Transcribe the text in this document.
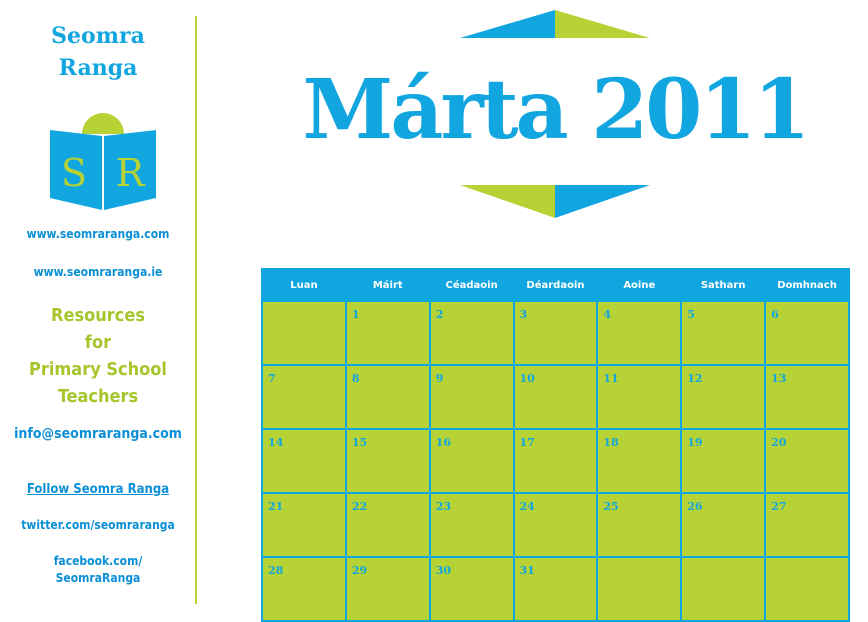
Seomra
Ranga
S R
www.seomraranga.com
www.seomraranga.ie
Resources
for
Primary School
Teachers
info@seomraranga.com
Follow Seomra Ranga
twitter.com/seomraranga
facebook.com/
SeomraRanga
Márta 2011
Luan	Máirt	Céadaoin	Déardaoin	Aoine	Satharn	Domhnach
	1	2	3	4	5	6
7	8	9	10	11	12	13
14	15	16	17	18	19	20
21	22	23	24	25	26	27
28	29	30	31			
